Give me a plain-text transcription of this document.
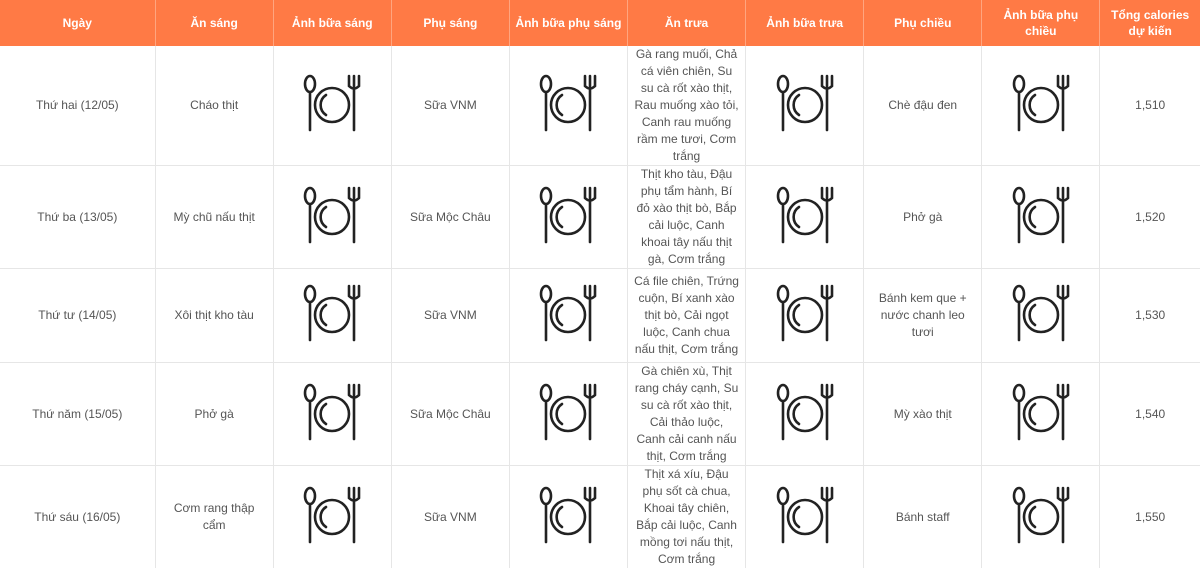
Ngày	Ăn sáng	Ảnh bữa sáng	Phụ sáng	Ảnh bữa phụ sáng	Ăn trưa	Ảnh bữa trưa	Phụ chiều	Ảnh bữa phụ chiều	Tổng calories dự kiến
Thứ hai (12/05)	Cháo thịt		Sữa VNM		Gà rang muối, Chả cá viên chiên, Su su cà rốt xào thịt, Rau muống xào tỏi, Canh rau muống rầm me tươi, Cơm trắng		Chè đậu đen		1,510
Thứ ba (13/05)	Mỳ chũ nấu thịt		Sữa Mộc Châu		Thịt kho tàu, Đậu phụ tẩm hành, Bí đỏ xào thịt bò, Bắp cải luộc, Canh khoai tây nấu thịt gà, Cơm trắng		Phở gà		1,520
Thứ tư (14/05)	Xôi thịt kho tàu		Sữa VNM		Cá file chiên, Trứng cuộn, Bí xanh xào thịt bò, Cải ngọt luộc, Canh chua nấu thịt, Cơm trắng		Bánh kem que + nước chanh leo tươi		1,530
Thứ năm (15/05)	Phở gà		Sữa Mộc Châu		Gà chiên xù, Thịt rang cháy cạnh, Su su cà rốt xào thịt, Cải thảo luộc, Canh cải canh nấu thịt, Cơm trắng		Mỳ xào thịt		1,540
Thứ sáu (16/05)	Cơm rang thập cẩm		Sữa VNM		Thịt xá xíu, Đậu phụ sốt cà chua, Khoai tây chiên, Bắp cải luộc, Canh mồng tơi nấu thịt, Cơm trắng		Bánh staff		1,550
